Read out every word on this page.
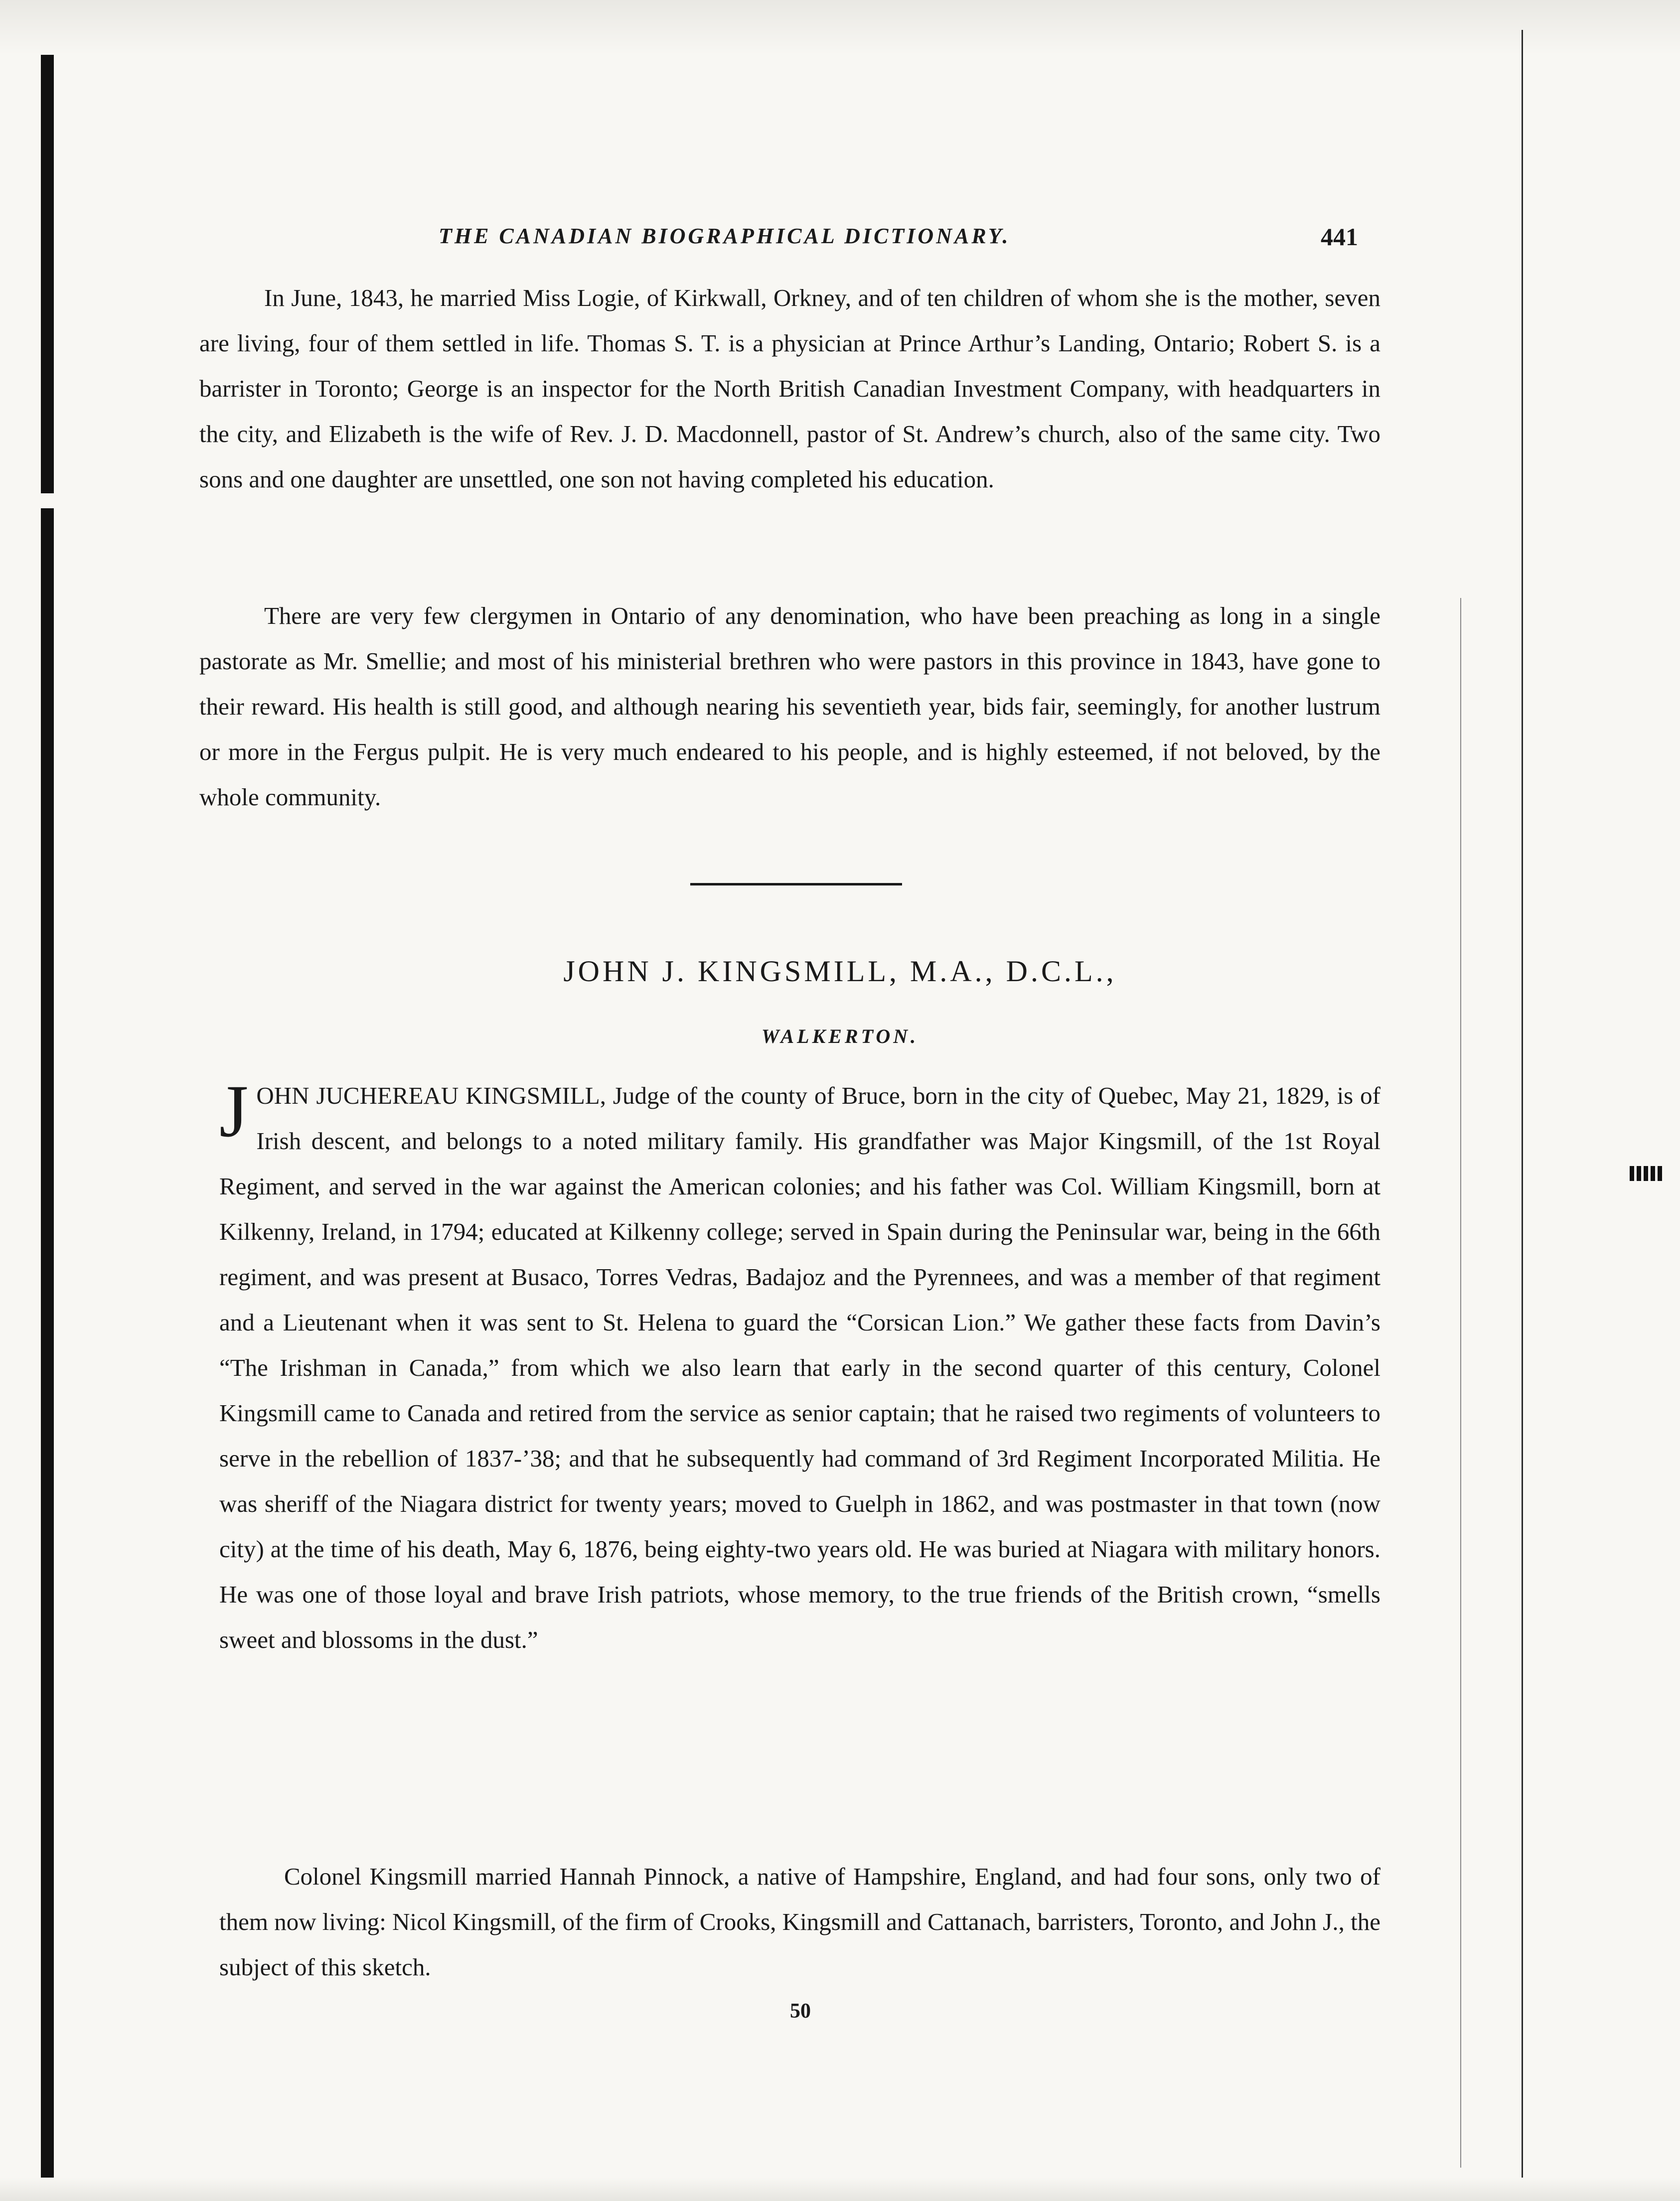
THE CANADIAN BIOGRAPHICAL DICTIONARY.	441

In June, 1843, he married Miss Logie, of Kirkwall, Orkney, and of ten children of whom she is the mother, seven are living, four of them settled in life. Thomas S. T. is a physician at Prince Arthur’s Landing, Ontario; Robert S. is a barrister in Toronto; George is an inspector for the North British Canadian Investment Company, with headquarters in the city, and Elizabeth is the wife of Rev. J. D. Macdonnell, pastor of St. Andrew’s church, also of the same city. Two sons and one daughter are unsettled, one son not having completed his education.

There are very few clergymen in Ontario of any denomination, who have been preaching as long in a single pastorate as Mr. Smellie; and most of his ministerial brethren who were pastors in this province in 1843, have gone to their reward. His health is still good, and although nearing his seventieth year, bids fair, seemingly, for another lustrum or more in the Fergus pulpit. He is very much endeared to his people, and is highly esteemed, if not beloved, by the whole community.

JOHN J. KINGSMILL, M.A., D.C.L.,
WALKERTON.

JOHN JUCHEREAU KINGSMILL, Judge of the county of Bruce, born in the city of Quebec, May 21, 1829, is of Irish descent, and belongs to a noted military family. His grandfather was Major Kingsmill, of the 1st Royal Regiment, and served in the war against the American colonies; and his father was Col. William Kingsmill, born at Kilkenny, Ireland, in 1794; educated at Kilkenny college; served in Spain during the Peninsular war, being in the 66th regiment, and was present at Busaco, Torres Vedras, Badajoz and the Pyrennees, and was a member of that regiment and a Lieutenant when it was sent to St. Helena to guard the “Corsican Lion.” We gather these facts from Davin’s “The Irishman in Canada,” from which we also learn that early in the second quarter of this century, Colonel Kingsmill came to Canada and retired from the service as senior captain; that he raised two regiments of volunteers to serve in the rebellion of 1837-’38; and that he subsequently had command of 3rd Regiment Incorporated Militia. He was sheriff of the Niagara district for twenty years; moved to Guelph in 1862, and was postmaster in that town (now city) at the time of his death, May 6, 1876, being eighty-two years old. He was buried at Niagara with military honors. He was one of those loyal and brave Irish patriots, whose memory, to the true friends of the British crown, “smells sweet and blossoms in the dust.”

Colonel Kingsmill married Hannah Pinnock, a native of Hampshire, England, and had four sons, only two of them now living: Nicol Kingsmill, of the firm of Crooks, Kingsmill and Cattanach, barristers, Toronto, and John J., the subject of this sketch.

50
